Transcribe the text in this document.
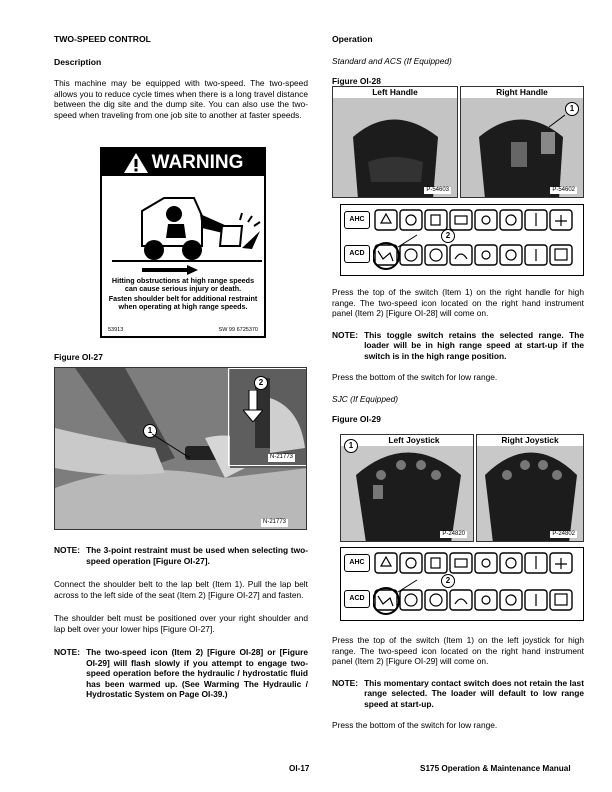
TWO-SPEED CONTROL
Description
This machine may be equipped with two-speed. The two-speed allows you to reduce cycle times when there is a long travel distance between the dig site and the dump site. You can also use the two-speed when traveling from one job site to another at faster speeds.
WARNING
Hitting obstructions at high range speeds can cause serious injury or death.
Fasten shoulder belt for additional restraint when operating at high range speeds.
53913	SW 99 6725370
Figure OI-27
2
1
N-21773
N-21773
NOTE: The 3-point restraint must be used when selecting two-speed operation [Figure OI-27].
Connect the shoulder belt to the lap belt (Item 1). Pull the lap belt across to the left side of the seat (Item 2) [Figure OI-27] and fasten.
The shoulder belt must be positioned over your right shoulder and lap belt over your lower hips [Figure OI-27].
NOTE: The two-speed icon (Item 2) [Figure OI-28] or [Figure OI-29] will flash slowly if you attempt to engage two-speed operation before the hydraulic / hydrostatic fluid has been warmed up. (See Warming The Hydraulic / Hydrostatic System on Page OI-39.)
Operation
Standard and ACS (If Equipped)
Figure OI-28
Left Handle
P-54603
Right Handle
1
P-54602
AHC
ACD
2
Press the top of the switch (Item 1) on the right handle for high range. The two-speed icon located on the right hand instrument panel (Item 2) [Figure OI-28] will come on.
NOTE: This toggle switch retains the selected range. The loader will be in high range speed at start-up if the switch is in the high range position.
Press the bottom of the switch for low range.
SJC (If Equipped)
Figure OI-29
Left Joystick
1
P-24820
Right Joystick
P-24802
AHC
ACD
2
Press the top of the switch (Item 1) on the left joystick for high range. The two-speed icon located on the right hand instrument panel (Item 2) [Figure OI-29] will come on.
NOTE: This momentary contact switch does not retain the last range selected. The loader will default to low range speed at start-up.
Press the bottom of the switch for low range.
OI-17	S175 Operation & Maintenance Manual
